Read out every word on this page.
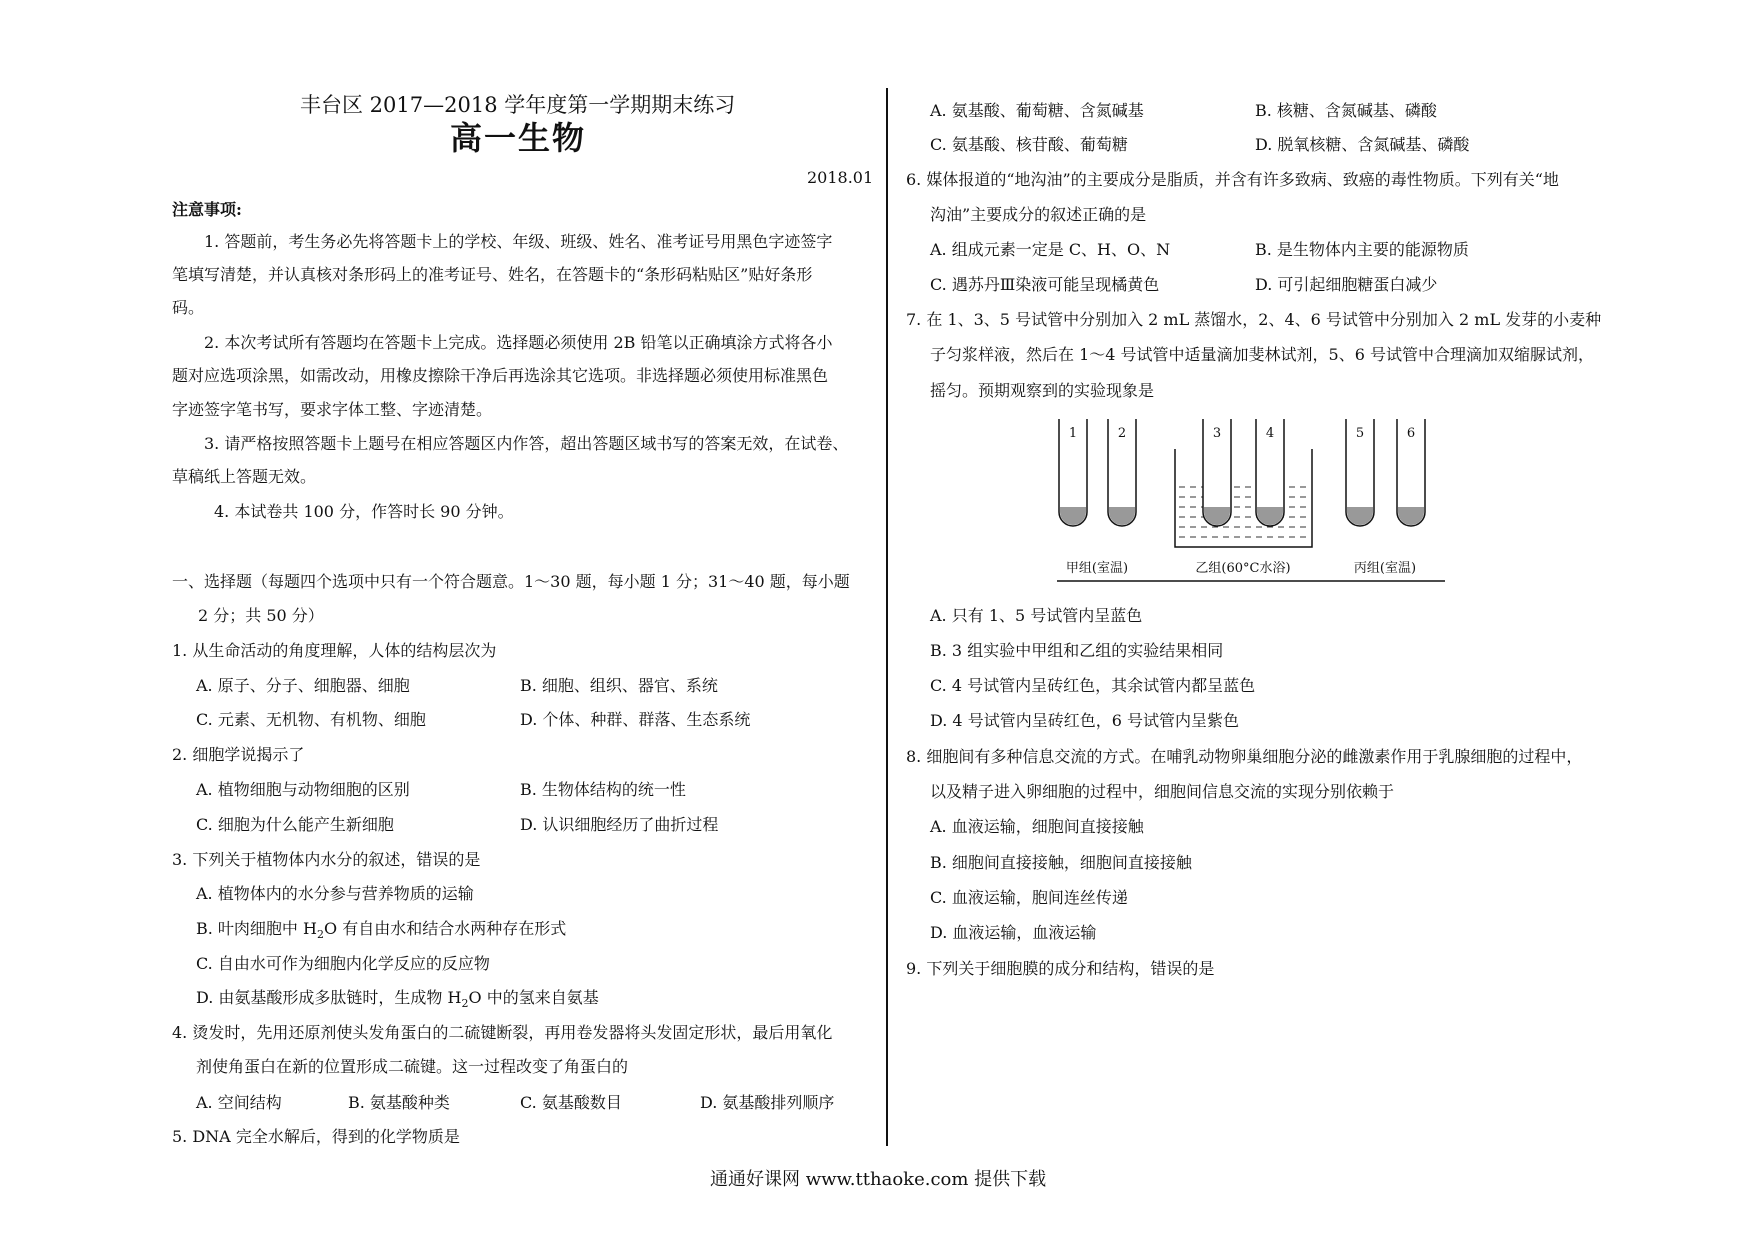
丰台区 2017—2018 学年度第一学期期末练习
高一生物
2018.01
注意事项:
1. 答题前，考生务必先将答题卡上的学校、年级、班级、姓名、准考证号用黑色字迹签字
笔填写清楚，并认真核对条形码上的准考证号、姓名，在答题卡的“条形码粘贴区”贴好条形
码。
2. 本次考试所有答题均在答题卡上完成。选择题必须使用 2B 铅笔以正确填涂方式将各小
题对应选项涂黑，如需改动，用橡皮擦除干净后再选涂其它选项。非选择题必须使用标准黑色
字迹签字笔书写，要求字体工整、字迹清楚。
3. 请严格按照答题卡上题号在相应答题区内作答，超出答题区域书写的答案无效，在试卷、
草稿纸上答题无效。
4. 本试卷共 100 分，作答时长 90 分钟。
一、选择题（每题四个选项中只有一个符合题意。1～30 题，每小题 1 分；31～40 题，每小题
2 分；共 50 分）
1. 从生命活动的角度理解，人体的结构层次为
A. 原子、分子、细胞器、细胞	B. 细胞、组织、器官、系统
C. 元素、无机物、有机物、细胞	D. 个体、种群、群落、生态系统
2. 细胞学说揭示了
A. 植物细胞与动物细胞的区别	B. 生物体结构的统一性
C. 细胞为什么能产生新细胞	D. 认识细胞经历了曲折过程
3. 下列关于植物体内水分的叙述，错误的是
A. 植物体内的水分参与营养物质的运输
B. 叶肉细胞中 $H_2O$ 有自由水和结合水两种存在形式
C. 自由水可作为细胞内化学反应的反应物
D. 由氨基酸形成多肽链时，生成物 $H_2O$ 中的氢来自氨基
4. 烫发时，先用还原剂使头发角蛋白的二硫键断裂，再用卷发器将头发固定形状，最后用氧化
剂使角蛋白在新的位置形成二硫键。这一过程改变了角蛋白的
A. 空间结构	B. 氨基酸种类	C. 氨基酸数目	D. 氨基酸排列顺序
5. DNA 完全水解后，得到的化学物质是
A. 氨基酸、葡萄糖、含氮碱基	B. 核糖、含氮碱基、磷酸
C. 氨基酸、核苷酸、葡萄糖	D. 脱氧核糖、含氮碱基、磷酸
6. 媒体报道的“地沟油”的主要成分是脂质，并含有许多致病、致癌的毒性物质。下列有关“地
沟油”主要成分的叙述正确的是
A. 组成元素一定是 C、H、O、N	B. 是生物体内主要的能源物质
C. 遇苏丹Ⅲ染液可能呈现橘黄色	D. 可引起细胞糖蛋白减少
7. 在 1、3、5 号试管中分别加入 2 mL 蒸馏水，2、4、6 号试管中分别加入 2 mL 发芽的小麦种
子匀浆样液，然后在 1～4 号试管中适量滴加斐林试剂，5、6 号试管中合理滴加双缩脲试剂，
摇匀。预期观察到的实验现象是
1	2	3	4	5	6
甲组(室温)	乙组(60°C水浴)	丙组(室温)
A. 只有 1、5 号试管内呈蓝色
B. 3 组实验中甲组和乙组的实验结果相同
C. 4 号试管内呈砖红色，其余试管内都呈蓝色
D. 4 号试管内呈砖红色，6 号试管内呈紫色
8. 细胞间有多种信息交流的方式。在哺乳动物卵巢细胞分泌的雌激素作用于乳腺细胞的过程中，
以及精子进入卵细胞的过程中，细胞间信息交流的实现分别依赖于
A. 血液运输，细胞间直接接触
B. 细胞间直接接触，细胞间直接接触
C. 血液运输，胞间连丝传递
D. 血液运输，血液运输
9. 下列关于细胞膜的成分和结构，错误的是
通通好课网 www.tthaoke.com 提供下载
